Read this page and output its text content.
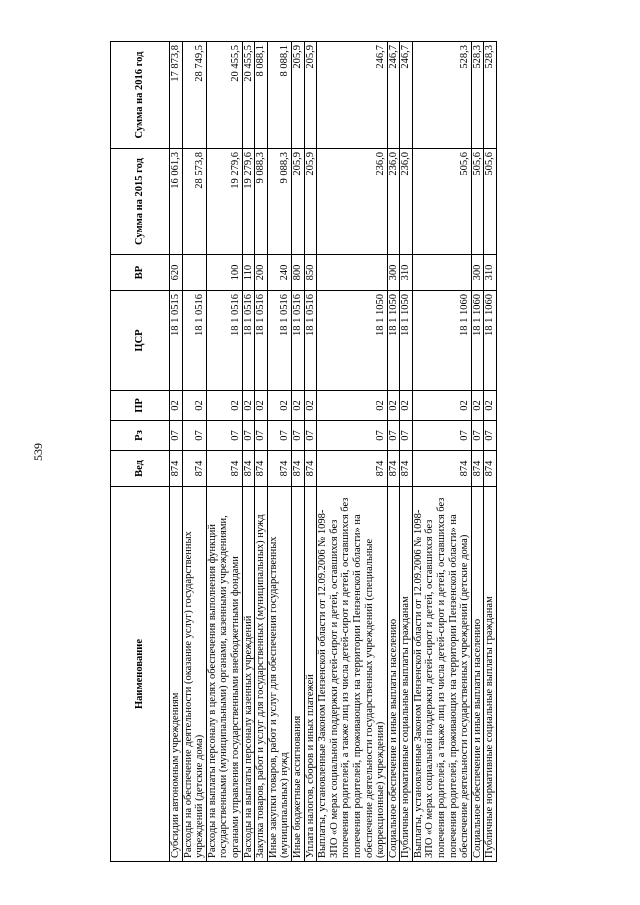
539
Наименование	Вед	Рз	ПР	ЦСР	ВР	Сумма на 2015 год	Сумма на 2016 год
Субсидии автономным учреждениям	874	07	02	18 1 0515	620	16 061,3	17 873,8
Расходы на обеспечение деятельности (оказание услуг) государственных учреждений (детские дома)	874	07	02	18 1 0516		28 573,8	28 749,5
Расходы на выплаты персоналу в целях обеспечения выполнения функций государственными (муниципальными) органами, казенными учреждениями, органами управления государственными внебюджетными фондами	874	07	02	18 1 0516	100	19 279,6	20 455,5
Расходы на выплаты персоналу казенных учреждений	874	07	02	18 1 0516	110	19 279,6	20 455,5
Закупка товаров, работ и услуг для государственных (муниципальных) нужд	874	07	02	18 1 0516	200	9 088,3	8 088,1
Иные закупки товаров, работ и услуг для обеспечения государственных (муниципальных) нужд	874	07	02	18 1 0516	240	9 088,3	8 088,1
Иные бюджетные ассигнования	874	07	02	18 1 0516	800	205,9	205,9
Уплата налогов, сборов и иных платежей	874	07	02	18 1 0516	850	205,9	205,9
Выплаты, установленные Законом Пензенской области от 12.09.2006 № 1098-ЗПО «О мерах социальной поддержки детей-сирот и детей, оставшихся без попечения родителей, а также лиц из числа детей-сирот и детей, оставшихся без попечения родителей, проживающих на территории Пензенской области» на обеспечение деятельности государственных учреждений (специальные (коррекционные) учреждения)	874	07	02	18 1 1050		236,0	246,7
Социальное обеспечение и иные выплаты населению	874	07	02	18 1 1050	300	236,0	246,7
Публичные нормативные социальные выплаты гражданам	874	07	02	18 1 1050	310	236,0	246,7
Выплаты, установленные Законом Пензенской области от 12.09.2006 № 1098-ЗПО «О мерах социальной поддержки детей-сирот и детей, оставшихся без попечения родителей, а также лиц из числа детей-сирот и детей, оставшихся без попечения родителей, проживающих на территории Пензенской области» на обеспечение деятельности государственных учреждений (детские дома)	874	07	02	18 1 1060		505,6	528,3
Социальное обеспечение и иные выплаты населению	874	07	02	18 1 1060	300	505,6	528,3
Публичные нормативные социальные выплаты гражданам	874	07	02	18 1 1060	310	505,6	528,3
